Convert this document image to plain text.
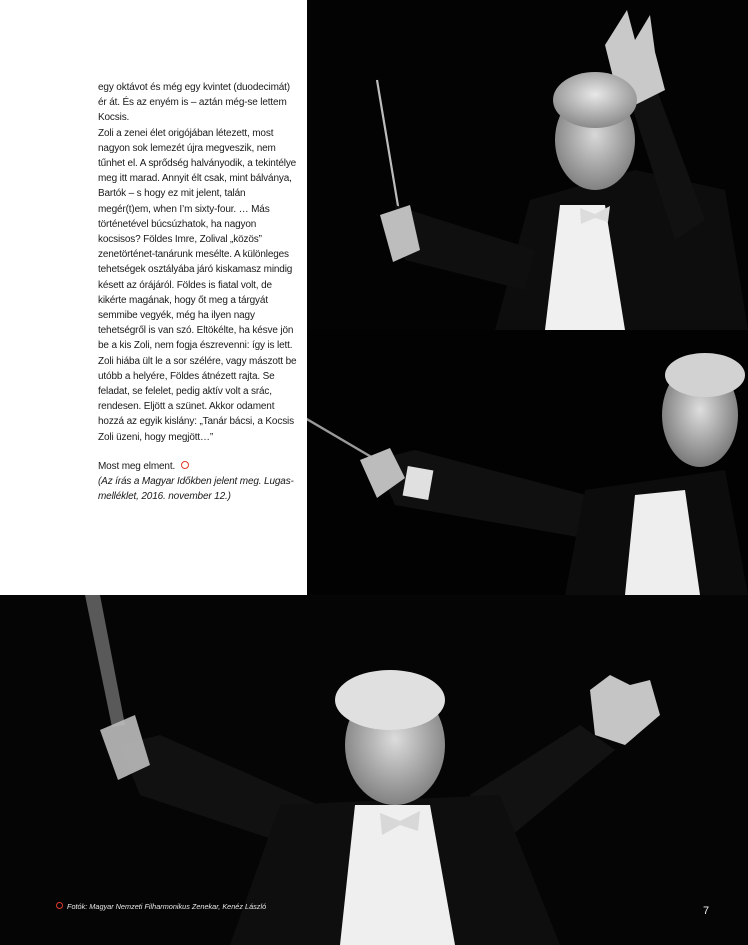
egy oktávot és még egy kvintet (duodecimát) ér át. És az enyém is – aztán még-se lettem Kocsis.

Zoli a zenei élet origójában létezett, most nagyon sok lemezét újra megveszik, nem tűnhet el. A sprődség halványodik, a tekintélye meg itt marad. Annyit élt csak, mint bálványa, Bartók – s hogy ez mit jelent, talán megér(t)em, when I’m sixty-four. … Más történetével búcsúzhatok, ha nagyon kocsisos? Földes Imre, Zolival „közös” zenetörténet-tanárunk mesélte. A különleges tehetségek osztályába járó kiskamasz mindig késett az órájáról. Földes is fiatal volt, de kikérte magának, hogy őt meg a tárgyát semmibe vegyék, még ha ilyen nagy tehetségről is van szó. Eltökélte, ha késve jön be a kis Zoli, nem fogja észrevenni: így is lett. Zoli hiába ült le a sor szélére, vagy mászott be utóbb a helyére, Földes átnézett rajta. Se feladat, se felelet, pedig aktív volt a srác, rendesen. Eljött a szünet. Akkor odament hozzá az egyik kislány: „Tanár bácsi, a Kocsis Zoli üzeni, hogy megjött…”

Most meg elment.

(Az írás a Magyar Időkben jelent meg. Lugas-melléklet, 2016. november 12.)

Fotók: Magyar Nemzeti Filharmonikus Zenekar, Kenéz László	7
